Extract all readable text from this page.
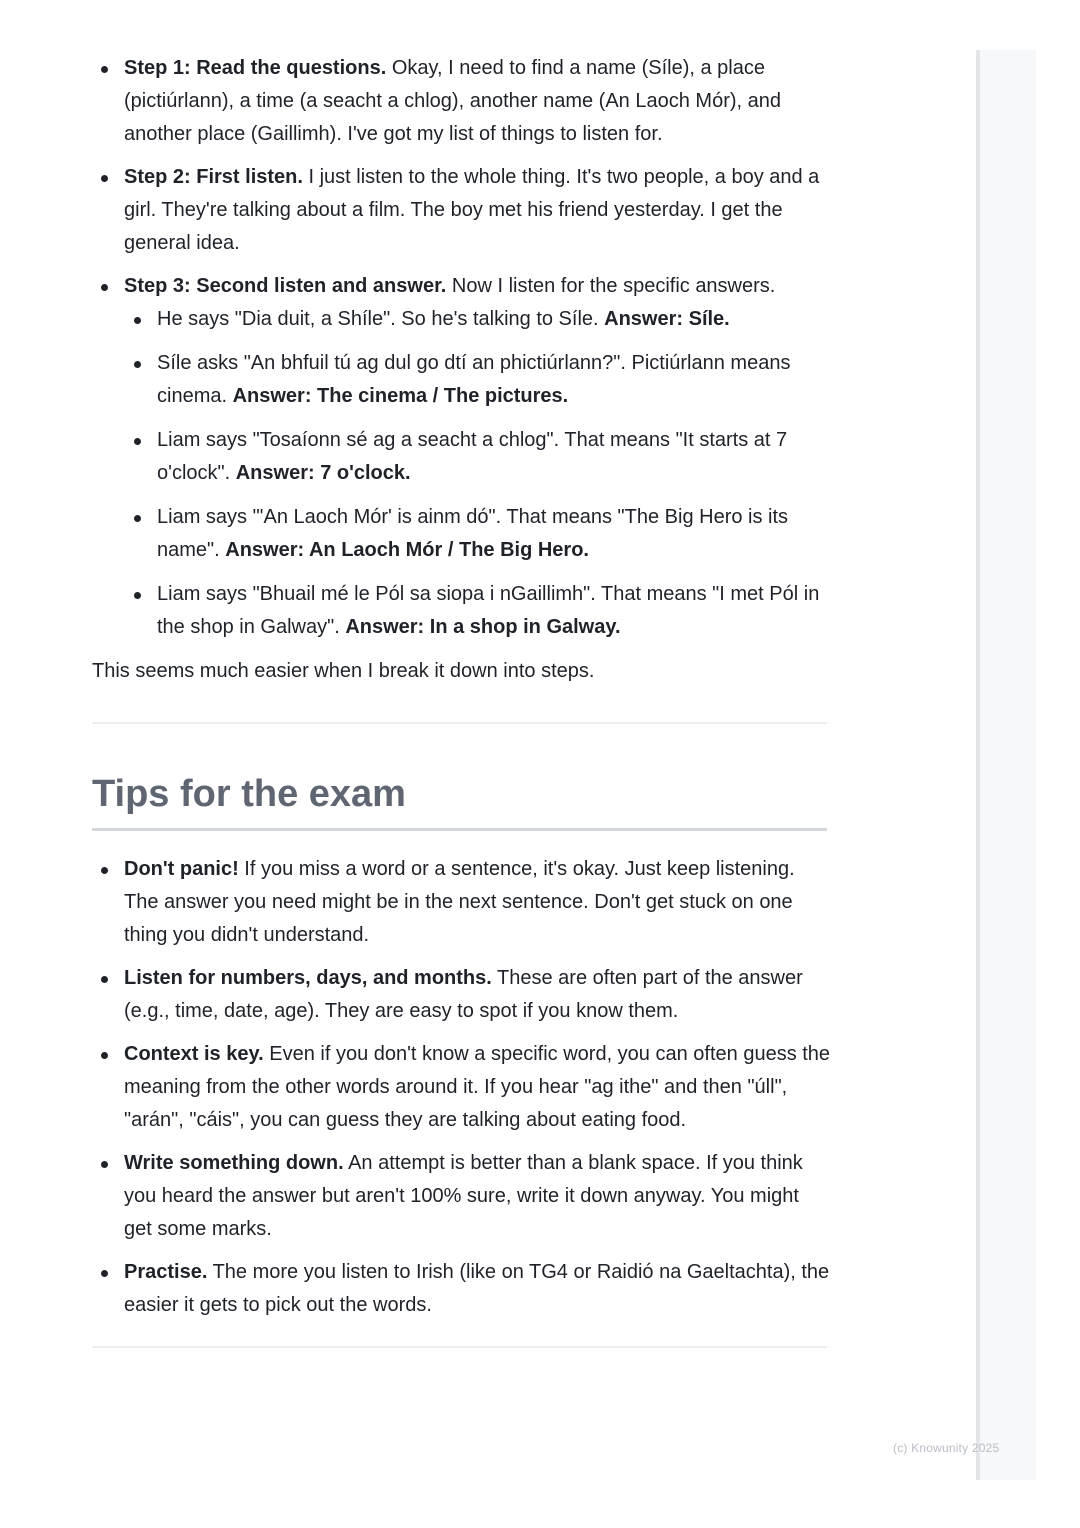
Step 1: Read the questions. Okay, I need to find a name (Síle), a place (pictiúrlann), a time (a seacht a chlog), another name (An Laoch Mór), and another place (Gaillimh). I've got my list of things to listen for.
Step 2: First listen. I just listen to the whole thing. It's two people, a boy and a girl. They're talking about a film. The boy met his friend yesterday. I get the general idea.
Step 3: Second listen and answer. Now I listen for the specific answers.
He says "Dia duit, a Shíle". So he's talking to Síle. Answer: Síle.
Síle asks "An bhfuil tú ag dul go dtí an phictiúrlann?". Pictiúrlann means cinema. Answer: The cinema / The pictures.
Liam says "Tosaíonn sé ag a seacht a chlog". That means "It starts at 7 o'clock". Answer: 7 o'clock.
Liam says "'An Laoch Mór' is ainm dó". That means "The Big Hero is its name". Answer: An Laoch Mór / The Big Hero.
Liam says "Bhuail mé le Pól sa siopa i nGaillimh". That means "I met Pól in the shop in Galway". Answer: In a shop in Galway.
This seems much easier when I break it down into steps.
Tips for the exam
Don't panic! If you miss a word or a sentence, it's okay. Just keep listening. The answer you need might be in the next sentence. Don't get stuck on one thing you didn't understand.
Listen for numbers, days, and months. These are often part of the answer (e.g., time, date, age). They are easy to spot if you know them.
Context is key. Even if you don't know a specific word, you can often guess the meaning from the other words around it. If you hear "ag ithe" and then "úll", "arán", "cáis", you can guess they are talking about eating food.
Write something down. An attempt is better than a blank space. If you think you heard the answer but aren't 100% sure, write it down anyway. You might get some marks.
Practise. The more you listen to Irish (like on TG4 or Raidió na Gaeltachta), the easier it gets to pick out the words.
(c) Knowunity 2025
